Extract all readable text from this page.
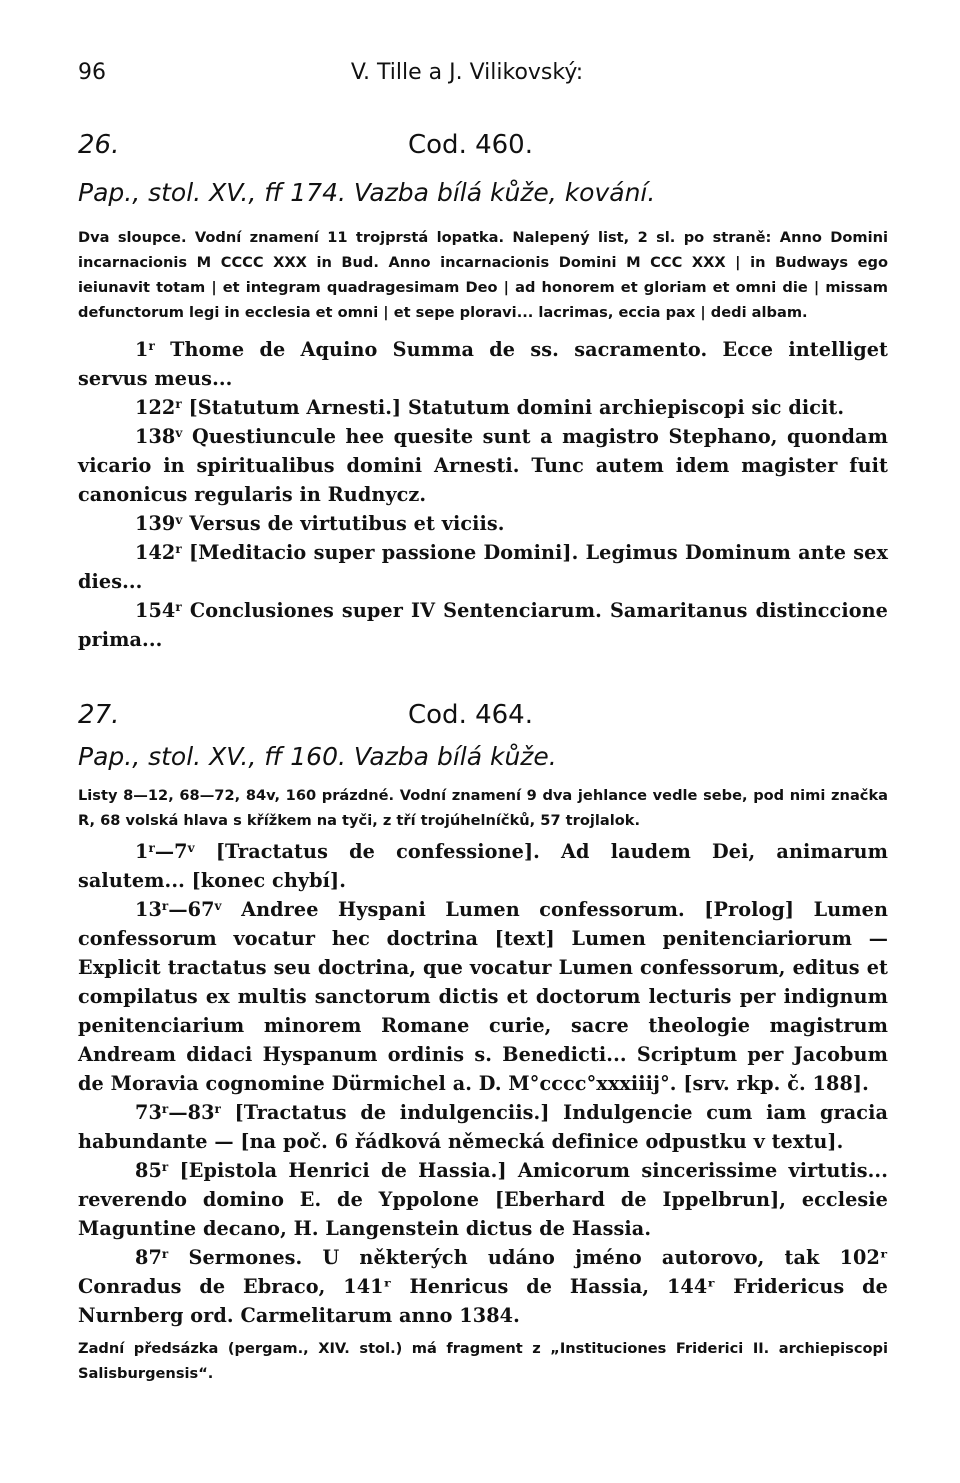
96	V. Tille a J. Vilikovský:
26.	Cod. 460.
Pap., stol. XV., ff 174. Vazba bílá kůže, kování.
Dva sloupce. Vodní znamení 11 trojprstá lopatka. Nalepený list, 2 sl. po straně: Anno Domini incarnacionis M CCCC XXX in Bud. Anno incarnacionis Domini M CCC XXX | in Budways ego ieiunavit totam | et integram quadragesimam Deo | ad honorem et gloriam et omni die | missam defunctorum legi in ecclesia et omni | et sepe ploravi... lacrimas, eccia pax | dedi albam.

1$^r$ Thome de Aquino Summa de ss. sacramento. Ecce intelliget servus meus...

122$^r$ [Statutum Arnesti.] Statutum domini archiepiscopi sic dicit.

138$^v$ Questiuncule hee quesite sunt a magistro Stephano, quondam vicario in spiritualibus domini Arnesti. Tunc autem idem magister fuit canonicus regularis in Rudnycz.

139$^v$ Versus de virtutibus et viciis.

142$^r$ [Meditacio super passione Domini]. Legimus Dominum ante sex dies...

154$^r$ Conclusiones super IV Sentenciarum. Samaritanus distinccione prima...

27.	Cod. 464.
Pap., stol. XV., ff 160. Vazba bílá kůže.
Listy 8—12, 68—72, 84v, 160 prázdné. Vodní znamení 9 dva jehlance vedle sebe, pod nimi značka R, 68 volská hlava s křížkem na tyči, z tří trojúhelníčků, 57 trojlalok.

1$^r$—7$^v$ [Tractatus de confessione]. Ad laudem Dei, animarum salutem... [konec chybí].

13$^r$—67$^v$ Andree Hyspani Lumen confessorum. [Prolog] Lumen confessorum vocatur hec doctrina [text] Lumen penitenciariorum — Explicit tractatus seu doctrina, que vocatur Lumen confessorum, editus et compilatus ex multis sanctorum dictis et doctorum lecturis per indignum penitenciarium minorem Romane curie, sacre theologie magistrum Andream didaci Hyspanum ordinis s. Benedicti... Scriptum per Jacobum de Moravia cognomine Dürmichel a. D. M°cccc°xxxiiij°. [srv. rkp. č. 188].

73$^r$—83$^r$ [Tractatus de indulgenciis.] Indulgencie cum iam gracia habundante — [na poč. 6 řádková německá definice odpustku v textu].

85$^r$ [Epistola Henrici de Hassia.] Amicorum sincerissime virtutis... reverendo domino E. de Yppolone [Eberhard de Ippelbrun], ecclesie Maguntine decano, H. Langenstein dictus de Hassia.

87$^r$ Sermones. U některých udáno jméno autorovo, tak 102ʳ Conradus de Ebraco, 141ʳ Henricus de Hassia, 144ʳ Fridericus de Nurnberg ord. Carmelitarum anno 1384.

Zadní předsázka (pergam., XIV. stol.) má fragment z „Instituciones Friderici II. archiepiscopi Salisburgensis“.
